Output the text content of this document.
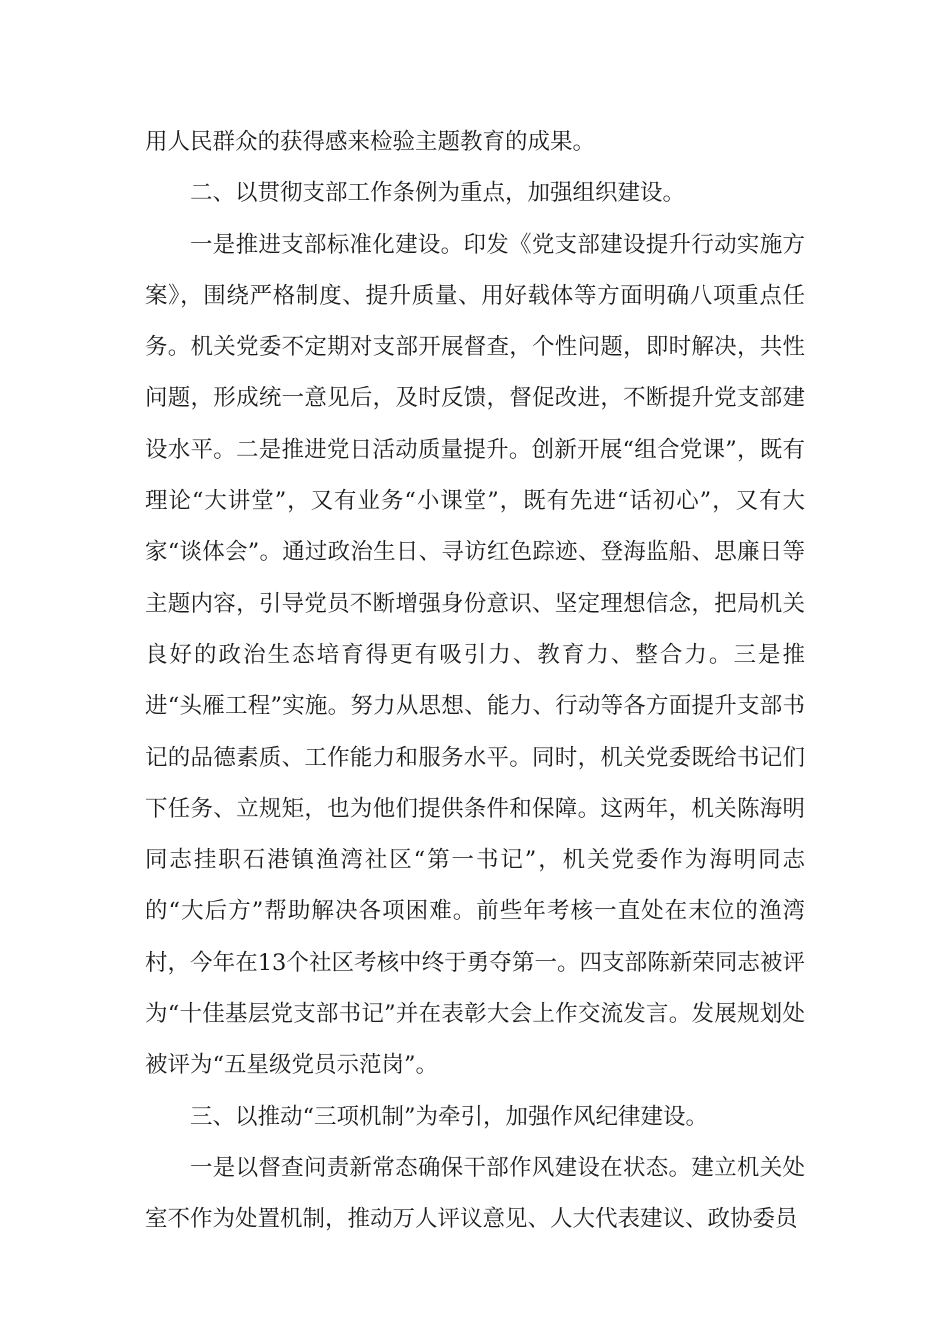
用人民群众的获得感来检验主题教育的成果。

二、以贯彻支部工作条例为重点，加强组织建设。

一是推进支部标准化建设。印发《党支部建设提升行动实施方案》，围绕严格制度、提升质量、用好载体等方面明确八项重点任务。机关党委不定期对支部开展督查，个性问题，即时解决，共性问题，形成统一意见后，及时反馈，督促改进，不断提升党支部建设水平。二是推进党日活动质量提升。创新开展“组合党课”，既有理论“大讲堂”，又有业务“小课堂”，既有先进“话初心”，又有大家“谈体会”。通过政治生日、寻访红色踪迹、登海监船、思廉日等主题内容，引导党员不断增强身份意识、坚定理想信念，把局机关良好的政治生态培育得更有吸引力、教育力、整合力。三是推进“头雁工程”实施。努力从思想、能力、行动等各方面提升支部书记的品德素质、工作能力和服务水平。同时，机关党委既给书记们下任务、立规矩，也为他们提供条件和保障。这两年，机关陈海明同志挂职石港镇渔湾社区“第一书记”，机关党委作为海明同志的“大后方”帮助解决各项困难。前些年考核一直处在末位的渔湾村，今年在13个社区考核中终于勇夺第一。四支部陈新荣同志被评为“十佳基层党支部书记”并在表彰大会上作交流发言。发展规划处被评为“五星级党员示范岗”。

三、以推动“三项机制”为牵引，加强作风纪律建设。

一是以督查问责新常态确保干部作风建设在状态。建立机关处室不作为处置机制，推动万人评议意见、人大代表建议、政协委员
